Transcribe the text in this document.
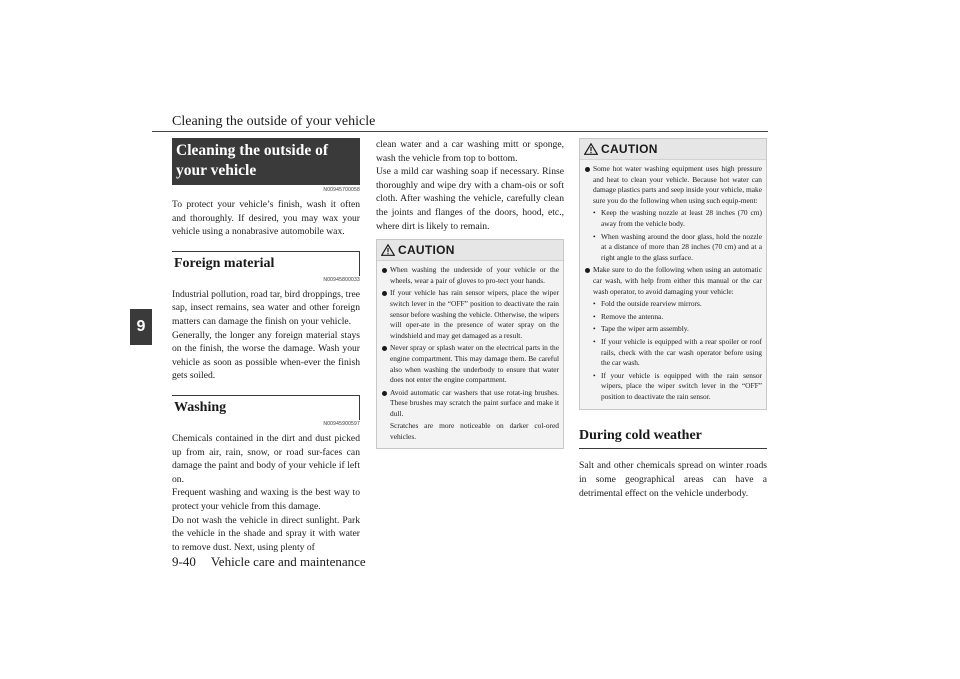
Cleaning the outside of your vehicle
9
Cleaning the outside of your vehicle
N00945700058

To protect your vehicle’s finish, wash it often and thoroughly. If desired, you may wax your vehicle using a nonabrasive automobile wax.

Foreign material
N00945800033

Industrial pollution, road tar, bird droppings, tree sap, insect remains, sea water and other foreign matters can damage the finish on your vehicle.

Generally, the longer any foreign material stays on the finish, the worse the damage. Wash your vehicle as soon as possible when-ever the finish gets soiled.

Washing
N00945900597

Chemicals contained in the dirt and dust picked up from air, rain, snow, or road sur-faces can damage the paint and body of your vehicle if left on.

Frequent washing and waxing is the best way to protect your vehicle from this damage.

Do not wash the vehicle in direct sunlight. Park the vehicle in the shade and spray it with water to remove dust. Next, using plenty of

clean water and a car washing mitt or sponge, wash the vehicle from top to bottom.

Use a mild car washing soap if necessary. Rinse thoroughly and wipe dry with a cham-ois or soft cloth. After washing the vehicle, carefully clean the joints and flanges of the doors, hood, etc., where dirt is likely to remain.

CAUTION

When washing the underside of your vehicle or the wheels, wear a pair of gloves to pro-tect your hands.

If your vehicle has rain sensor wipers, place the wiper switch lever in the “OFF” position to deactivate the rain sensor before washing the vehicle. Otherwise, the wipers will oper-ate in the presence of water spray on the windshield and may get damaged as a result.

Never spray or splash water on the electrical parts in the engine compartment. This may damage them. Be careful also when washing the underbody to ensure that water does not enter the engine compartment.

Avoid automatic car washers that use rotat-ing brushes. These brushes may scratch the paint surface and make it dull.

Scratches are more noticeable on darker col-ored vehicles.

CAUTION

Some hot water washing equipment uses high pressure and heat to clean your vehicle. Because hot water can damage plastics parts and seep inside your vehicle, make sure you do the following when using such equip-ment:

• Keep the washing nozzle at least 28 inches (70 cm) away from the vehicle body.

• When washing around the door glass, hold the nozzle at a distance of more than 28 inches (70 cm) and at a right angle to the glass surface.

Make sure to do the following when using an automatic car wash, with help from either this manual or the car wash operator, to avoid damaging your vehicle:

• Fold the outside rearview mirrors.

• Remove the antenna.

• Tape the wiper arm assembly.

• If your vehicle is equipped with a rear spoiler or roof rails, check with the car wash operator before using the car wash.

• If your vehicle is equipped with the rain sensor wipers, place the wiper switch lever in the “OFF” position to deactivate the rain sensor.

During cold weather

Salt and other chemicals spread on winter roads in some geographical areas can have a detrimental effect on the vehicle underbody.

9-40 Vehicle care and maintenance
